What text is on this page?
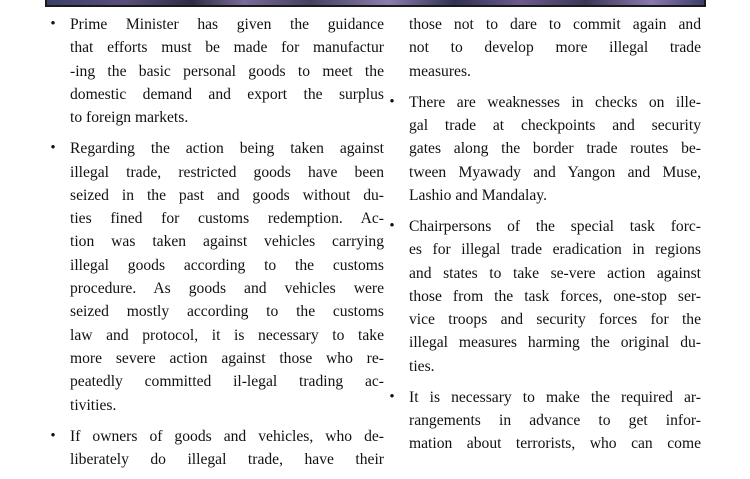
• Prime Minister has given the guidance
that efforts must be made for manufactur
-ing the basic personal goods to meet the
domestic demand and export the surplus
to foreign markets.
• Regarding the action being taken against
illegal trade, restricted goods have been
seized in the past and goods without du-
ties fined for customs redemption. Ac-
tion was taken against vehicles carrying
illegal goods according to the customs
procedure. As goods and vehicles were
seized mostly according to the customs
law and protocol, it is necessary to take
more severe action against those who re-
peatedly committed il-legal trading ac-
tivities.
• If owners of goods and vehicles, who de-
liberately do illegal trade, have their
those not to dare to commit again and
not to develop more illegal trade
measures.
• There are weaknesses in checks on ille-
gal trade at checkpoints and security
gates along the border trade routes be-
tween Myawady and Yangon and Muse,
Lashio and Mandalay.
• Chairpersons of the special task forc-
es for illegal trade eradication in regions
and states to take se-vere action against
those from the task forces, one-stop ser-
vice troops and security forces for the
illegal measures harming the original du-
ties.
• It is necessary to make the required ar-
rangements in advance to get infor-
mation about terrorists, who can come
